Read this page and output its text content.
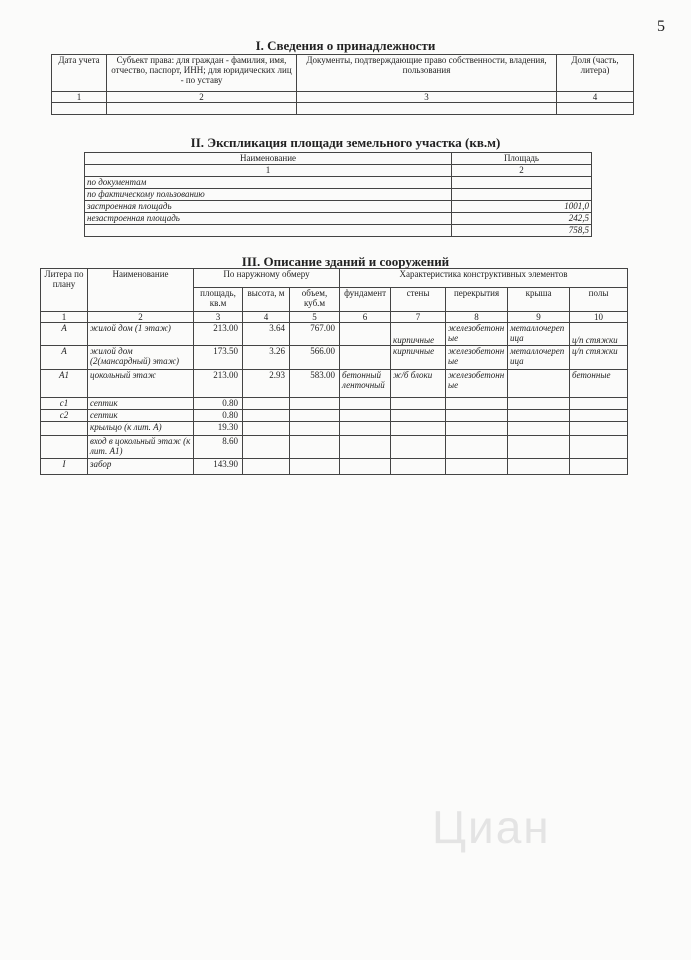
5
I. Сведения о принадлежности
Дата учета	Субъект права: для граждан - фамилия, имя, отчество, паспорт, ИНН; для юридических лиц - по уставу	Документы, подтверждающие право собственности, владения, пользования	Доля (часть, литера)
1	2	3	4

II. Экспликация площади земельного участка (кв.м)
Наименование	Площадь
1	2
по документам	
по фактическому пользованию	
застроенная площадь	1001,0
незастроенная площадь	242,5
	758,5
III. Описание зданий и сооружений
Литера по плану	Наименование	По наружному обмеру			Характеристика конструктивных элементов				
		площадь, кв.м	высота, м	объем, куб.м	фундамент	стены	перекрытия	крыша	полы
1	2	3	4	5	6	7	8	9	10
А	жилой дом (1 этаж)	213.00	3.64	767.00		кирпичные	железобетонные	металлочерепица	ц/п стяжки
А	жилой дом (2(мансардный) этаж)	173.50	3.26	566.00		кирпичные	железобетонные	металлочерепица	ц/п стяжки
А1	цокольный этаж	213.00	2.93	583.00	бетонный ленточный	ж/б блоки	железобетонные		бетонные
с1	септик	0.80							
с2	септик	0.80							
	крыльцо (к лит. А)	19.30							
	вход в цокольный этаж (к лит. А1)	8.60							
І	забор	143.90							
Циан
